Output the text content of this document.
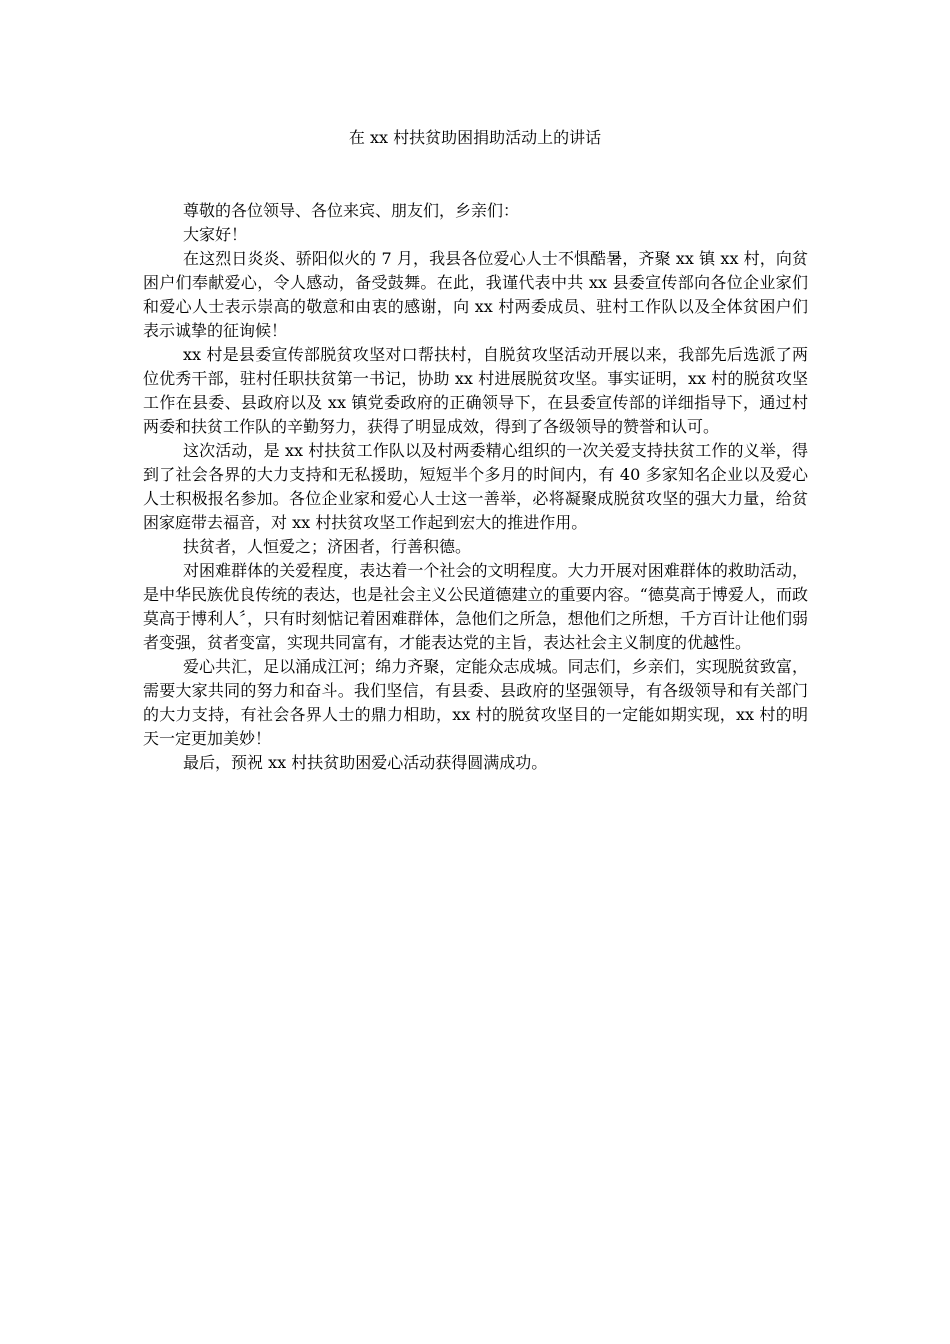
在 xx 村扶贫助困捐助活动上的讲话

尊敬的各位领导、各位来宾、朋友们，乡亲们：

大家好！

在这烈日炎炎、骄阳似火的 7 月，我县各位爱心人士不惧酷暑，齐聚 xx 镇 xx 村，向贫困户们奉献爱心，令人感动，备受鼓舞。在此，我谨代表中共 xx 县委宣传部向各位企业家们和爱心人士表示崇高的敬意和由衷的感谢，向 xx 村两委成员、驻村工作队以及全体贫困户们表示诚挚的征询候！

xx 村是县委宣传部脱贫攻坚对口帮扶村，自脱贫攻坚活动开展以来，我部先后选派了两位优秀干部，驻村任职扶贫第一书记，协助 xx 村进展脱贫攻坚。事实证明，xx 村的脱贫攻坚工作在县委、县政府以及 xx 镇党委政府的正确领导下，在县委宣传部的详细指导下，通过村两委和扶贫工作队的辛勤努力，获得了明显成效，得到了各级领导的赞誉和认可。

这次活动，是 xx 村扶贫工作队以及村两委精心组织的一次关爱支持扶贫工作的义举，得到了社会各界的大力支持和无私援助，短短半个多月的时间内，有 40 多家知名企业以及爱心人士积极报名参加。各位企业家和爱心人士这一善举，必将凝聚成脱贫攻坚的强大力量，给贫困家庭带去福音，对 xx 村扶贫攻坚工作起到宏大的推进作用。

扶贫者，人恒爱之；济困者，行善积德。

对困难群体的关爱程度，表达着一个社会的文明程度。大力开展对困难群体的救助活动，是中华民族优良传统的表达，也是社会主义公民道德建立的重要内容。“德莫高于博爱人，而政莫高于博利人〞，只有时刻惦记着困难群体，急他们之所急，想他们之所想，千方百计让他们弱者变强，贫者变富，实现共同富有，才能表达党的主旨，表达社会主义制度的优越性。

爱心共汇，足以涌成江河；绵力齐聚，定能众志成城。同志们，乡亲们，实现脱贫致富，需要大家共同的努力和奋斗。我们坚信，有县委、县政府的坚强领导，有各级领导和有关部门的大力支持，有社会各界人士的鼎力相助，xx 村的脱贫攻坚目的一定能如期实现，xx 村的明天一定更加美妙！

最后，预祝 xx 村扶贫助困爱心活动获得圆满成功。
